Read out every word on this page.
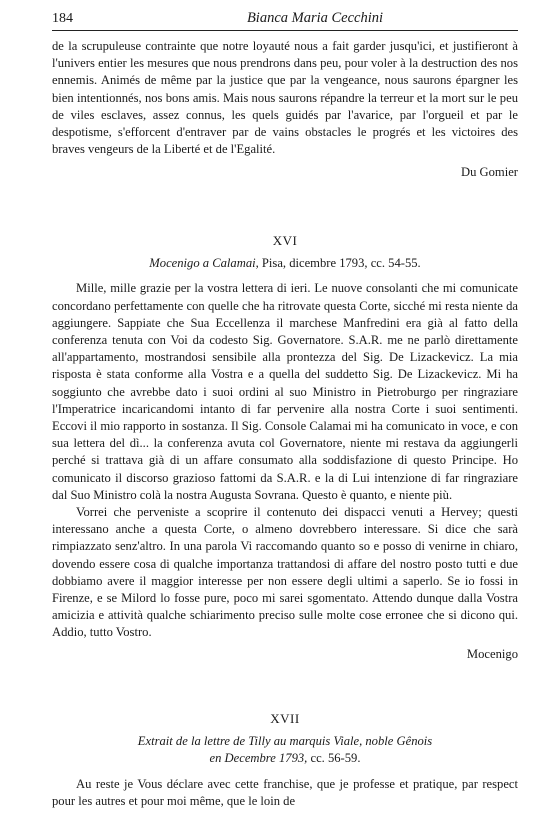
184	Bianca Maria Cecchini

de la scrupuleuse contrainte que notre loyauté nous a fait garder jusqu'ici, et justifieront à l'univers entier les mesures que nous prendrons dans peu, pour voler à la destruction des nos ennemis. Animés de même par la justice que par la vengeance, nous saurons épargner les bien intentionnés, nos bons amis. Mais nous saurons répandre la terreur et la mort sur le peu de viles esclaves, assez connus, les quels guidés par l'avarice, par l'orgueil et par le despotisme, s'efforcent d'entraver par de vains obstacles le progrés et les victoires des braves vengeurs de la Liberté et de l'Egalité.

Du Gomier

XVI

Mocenigo a Calamai, Pisa, dicembre 1793, cc. 54-55.

Mille, mille grazie per la vostra lettera di ieri. Le nuove consolanti che mi comunicate concordano perfettamente con quelle che ha ritrovate questa Corte, sicché mi resta niente da aggiungere. Sappiate che Sua Eccellenza il marchese Manfredini era già al fatto della conferenza tenuta con Voi da codesto Sig. Governatore. S.A.R. me ne parlò direttamente all'appartamento, mostrandosi sensibile alla prontezza del Sig. De Lizackevicz. La mia risposta è stata conforme alla Vostra e a quella del suddetto Sig. De Lizackevicz. Mi ha soggiunto che avrebbe dato i suoi ordini al suo Ministro in Pietroburgo per ringraziare l'Imperatrice incaricandomi intanto di far pervenire alla nostra Corte i suoi sentimenti. Eccovi il mio rapporto in sostanza. Il Sig. Console Calamai mi ha comunicato in voce, e con sua lettera del dì... la conferenza avuta col Governatore, niente mi restava da aggiungerli perché si trattava già di un affare consumato alla soddisfazione di questo Principe. Ho comunicato il discorso grazioso fattomi da S.A.R. e la di Lui intenzione di far ringraziare dal Suo Ministro colà la nostra Augusta Sovrana. Questo è quanto, e niente più.

Vorrei che perveniste a scoprire il contenuto dei dispacci venuti a Hervey; questi interessano anche a questa Corte, o almeno dovrebbero interessare. Si dice che sarà rimpiazzato senz'altro. In una parola Vi raccomando quanto so e posso di venirne in chiaro, dovendo essere cosa di qualche importanza trattandosi di affare del nostro posto tutti e due dobbiamo avere il maggior interesse per non essere degli ultimi a saperlo. Se io fossi in Firenze, e se Milord lo fosse pure, poco mi sarei sgomentato. Attendo dunque dalla Vostra amicizia e attività qualche schiarimento preciso sulle molte cose erronee che si dicono qui. Addio, tutto Vostro.

Mocenigo

XVII

Extrait de la lettre de Tilly au marquis Viale, noble Gênois

en Decembre 1793, cc. 56-59.

Au reste je Vous déclare avec cette franchise, que je professe et pratique, par respect pour les autres et pour moi même, que le loin de
